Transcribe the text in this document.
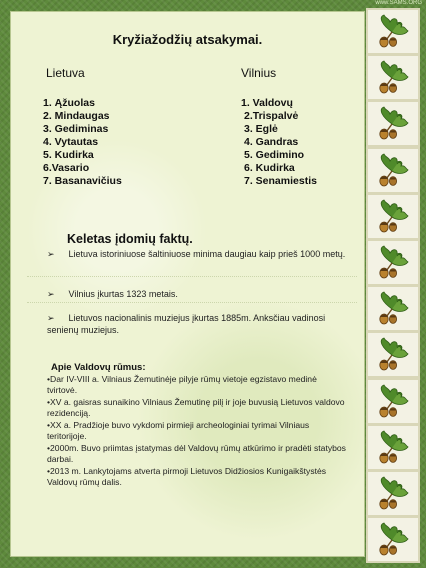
Kryžiažodžių atsakymai.
Lietuva	Vilnius
1. Ąžuolas
2. Mindaugas
3. Gediminas
4. Vytautas
5. Kudirka
6.Vasario
7. Basanavičius
1. Valdovų
2.Trispalvė
3. Eglė
4. Gandras
5. Gedimino
6. Kudirka
7. Senamiestis
Keletas įdomių faktų.
➢ Lietuva istoriniuose šaltiniuose minima daugiau kaip prieš 1000 metų.
➢ Vilnius įkurtas 1323 metais.
➢ Lietuvos nacionalinis muziejus įkurtas 1885m. Anksčiau vadinosi senienų muziejus.
Apie Valdovų rūmus:
•Dar IV-VIII a. Vilniaus Žemutinėje pilyje rūmų vietoje egzistavo medinė tvirtovė.
•XV a. gaisras sunaikino Vilniaus Žemutinę pilį ir joje buvusią Lietuvos valdovo rezidenciją.
•XX a. Pradžioje buvo vykdomi pirmieji archeologiniai tyrimai Vilniaus teritorijoje.
•2000m. Buvo priimtas įstatymas dėl Valdovų rūmų atkūrimo ir pradėti statybos darbai.
•2013 m. Lankytojams atverta pirmoji Lietuvos Didžiosios Kunigaikštystės Valdovų rūmų dalis.
www.SAMS.ORG
